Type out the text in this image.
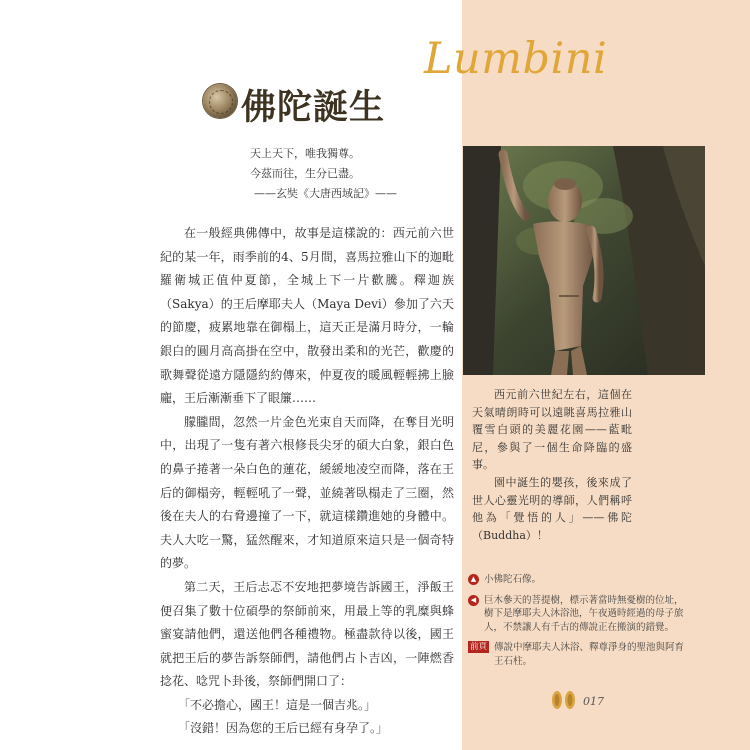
Lumbini
佛陀誕生
天上天下，唯我獨尊。
今茲而往，生分已盡。
——玄奘《大唐西域記》——

在一般經典佛傳中，故事是這樣說的：西元前六世紀的某一年，雨季前的4、5月間，喜馬拉雅山下的迦毗羅衛城正值仲夏節，全城上下一片歡騰。釋迦族（Sakya）的王后摩耶夫人（Maya Devi）參加了六天的節慶，疲累地靠在御榻上，這天正是滿月時分，一輪銀白的圓月高高掛在空中，散發出柔和的光芒，歡慶的歌舞聲從遠方隱隱約約傳來，仲夏夜的暖風輕輕拂上臉龐，王后漸漸垂下了眼簾……

朦朧間，忽然一片金色光束自天而降，在奪目光明中，出現了一隻有著六根修長尖牙的碩大白象，銀白色的鼻子捲著一朵白色的蓮花，緩緩地凌空而降，落在王后的御榻旁，輕輕吼了一聲，並繞著臥榻走了三圈，然後在夫人的右脅邊撞了一下，就這樣鑽進她的身體中。夫人大吃一驚，猛然醒來，才知道原來這只是一個奇特的夢。

第二天，王后忐忑不安地把夢境告訴國王，淨飯王便召集了數十位碩學的祭師前來，用最上等的乳糜與蜂蜜宴請他們，還送他們各種禮物。極盡款待以後，國王就把王后的夢告訴祭師們，請他們占卜吉凶，一陣燃香捻花、唸咒卜卦後，祭師們開口了：

「不必擔心，國王！這是一個吉兆。」

「沒錯！因為您的王后已經有身孕了。」

西元前六世紀左右，這個在天氣晴朗時可以遠眺喜馬拉雅山覆雪白頭的美麗花園——藍毗尼，參與了一個生命降臨的盛事。

園中誕生的嬰孩，後來成了世人心靈光明的導師，人們稱呼他為「覺悟的人」——佛陀（Buddha）！

▲ 小佛陀石像。
◀ 巨木參天的菩提樹，標示著當時無憂樹的位址，樹下是摩耶夫人沐浴池，午夜過時經過的母子旅人，不禁讓人有千古的傳說正在搬演的錯覺。
前頁 傳說中摩耶夫人沐浴、釋尊淨身的聖池與阿育王石柱。
017
